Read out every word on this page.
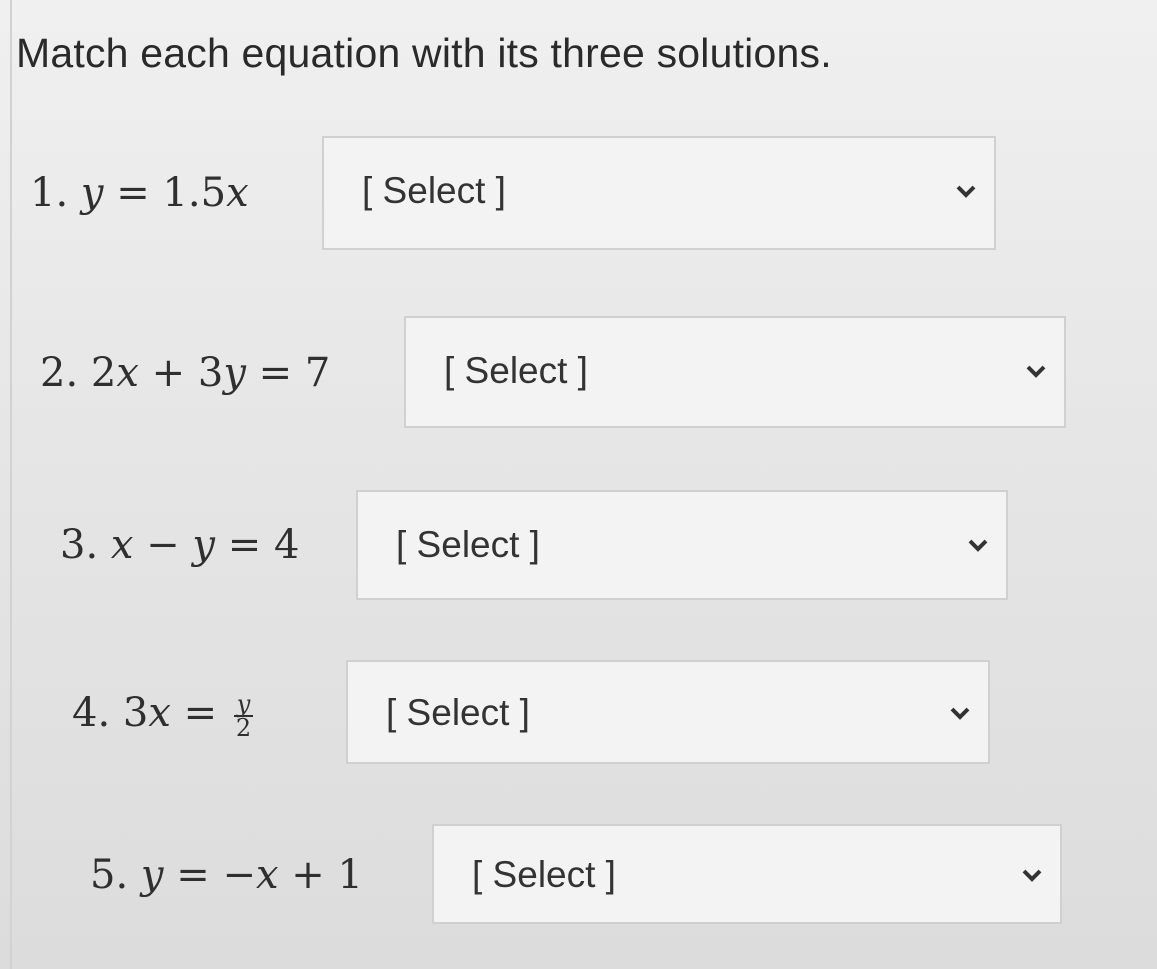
Match each equation with its three solutions.
1. y = 1.5x	[ Select ]
2. 2x + 3y = 7	[ Select ]
3. x − y = 4	[ Select ]
4. $3x = \frac{y}{2}$	[ Select ]
5. y = −x + 1	[ Select ]
